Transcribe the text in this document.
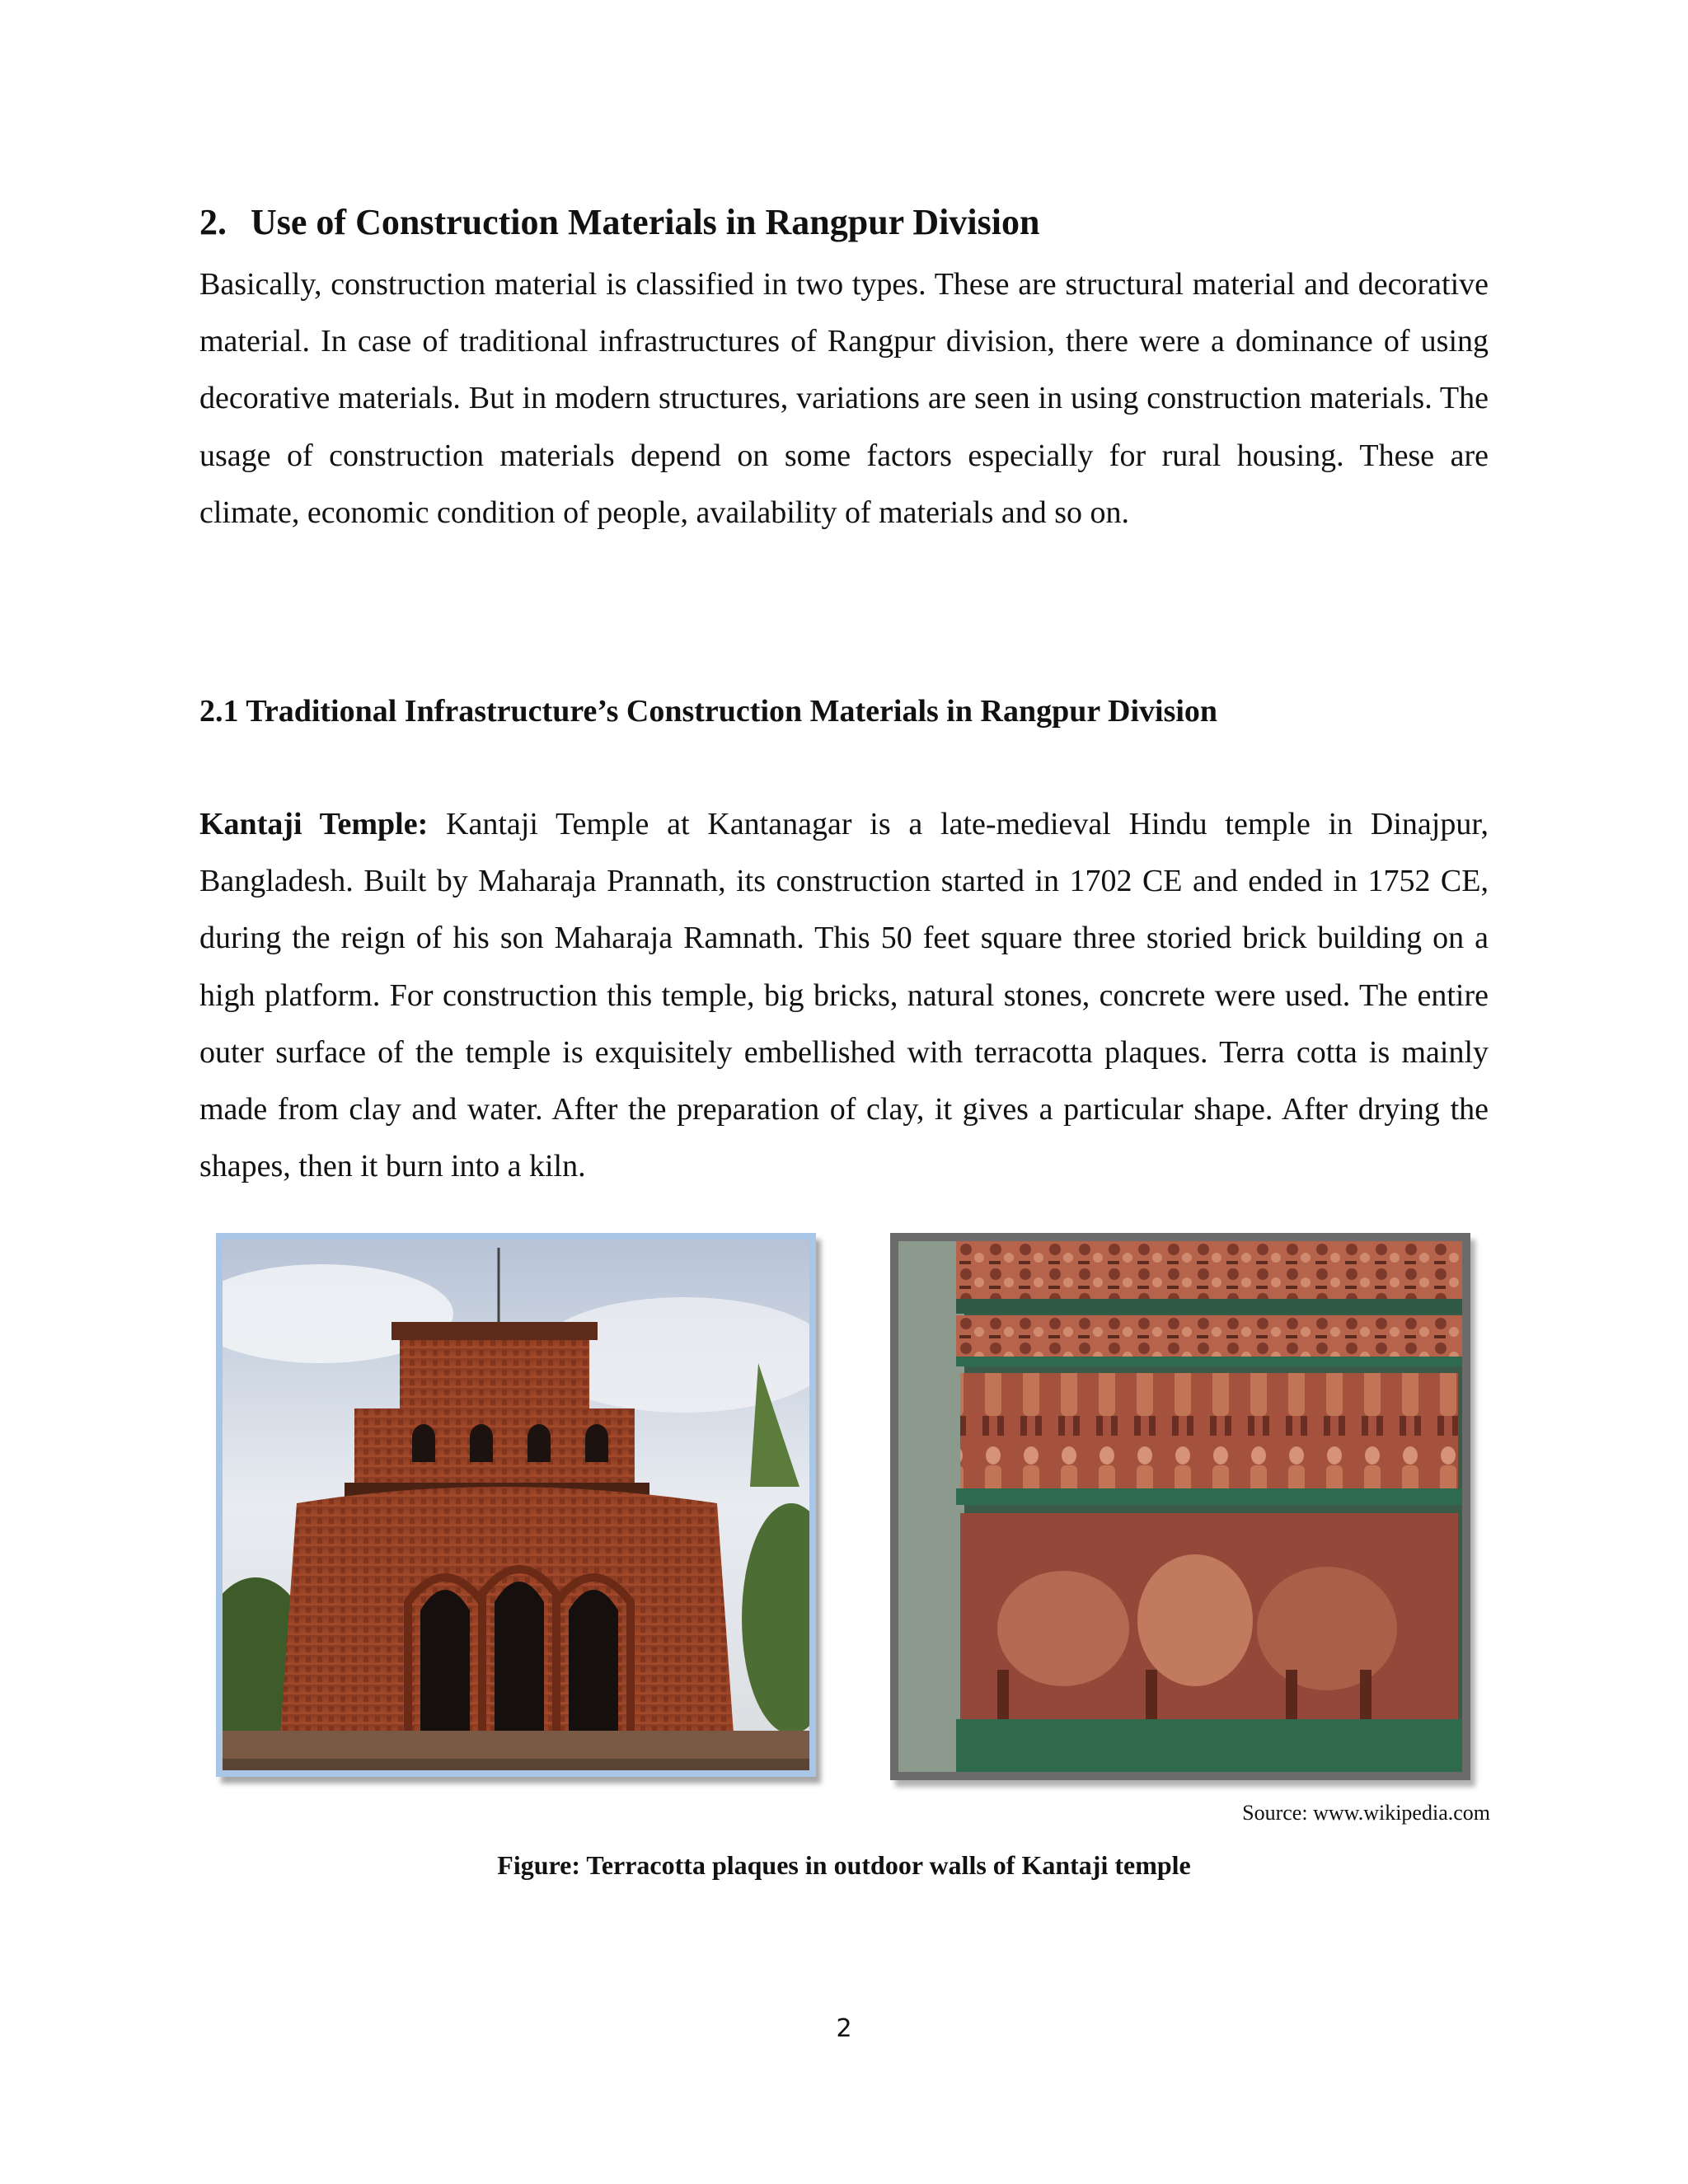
2. Use of Construction Materials in Rangpur Division

Basically, construction material is classified in two types. These are structural material and decorative material. In case of traditional infrastructures of Rangpur division, there were a dominance of using decorative materials. But in modern structures, variations are seen in using construction materials. The usage of construction materials depend on some factors especially for rural housing. These are climate, economic condition of people, availability of materials and so on.

2.1 Traditional Infrastructure’s Construction Materials in Rangpur Division

Kantaji Temple: Kantaji Temple at Kantanagar is a late-medieval Hindu temple in Dinajpur, Bangladesh. Built by Maharaja Prannath, its construction started in 1702 CE and ended in 1752 CE, during the reign of his son Maharaja Ramnath. This 50 feet square three storied brick building on a high platform. For construction this temple, big bricks, natural stones, concrete were used. The entire outer surface of the temple is exquisitely embellished with terracotta plaques. Terra cotta is mainly made from clay and water. After the preparation of clay, it gives a particular shape. After drying the shapes, then it burn into a kiln.

Source: www.wikipedia.com
Figure: Terracotta plaques in outdoor walls of Kantaji temple
2
